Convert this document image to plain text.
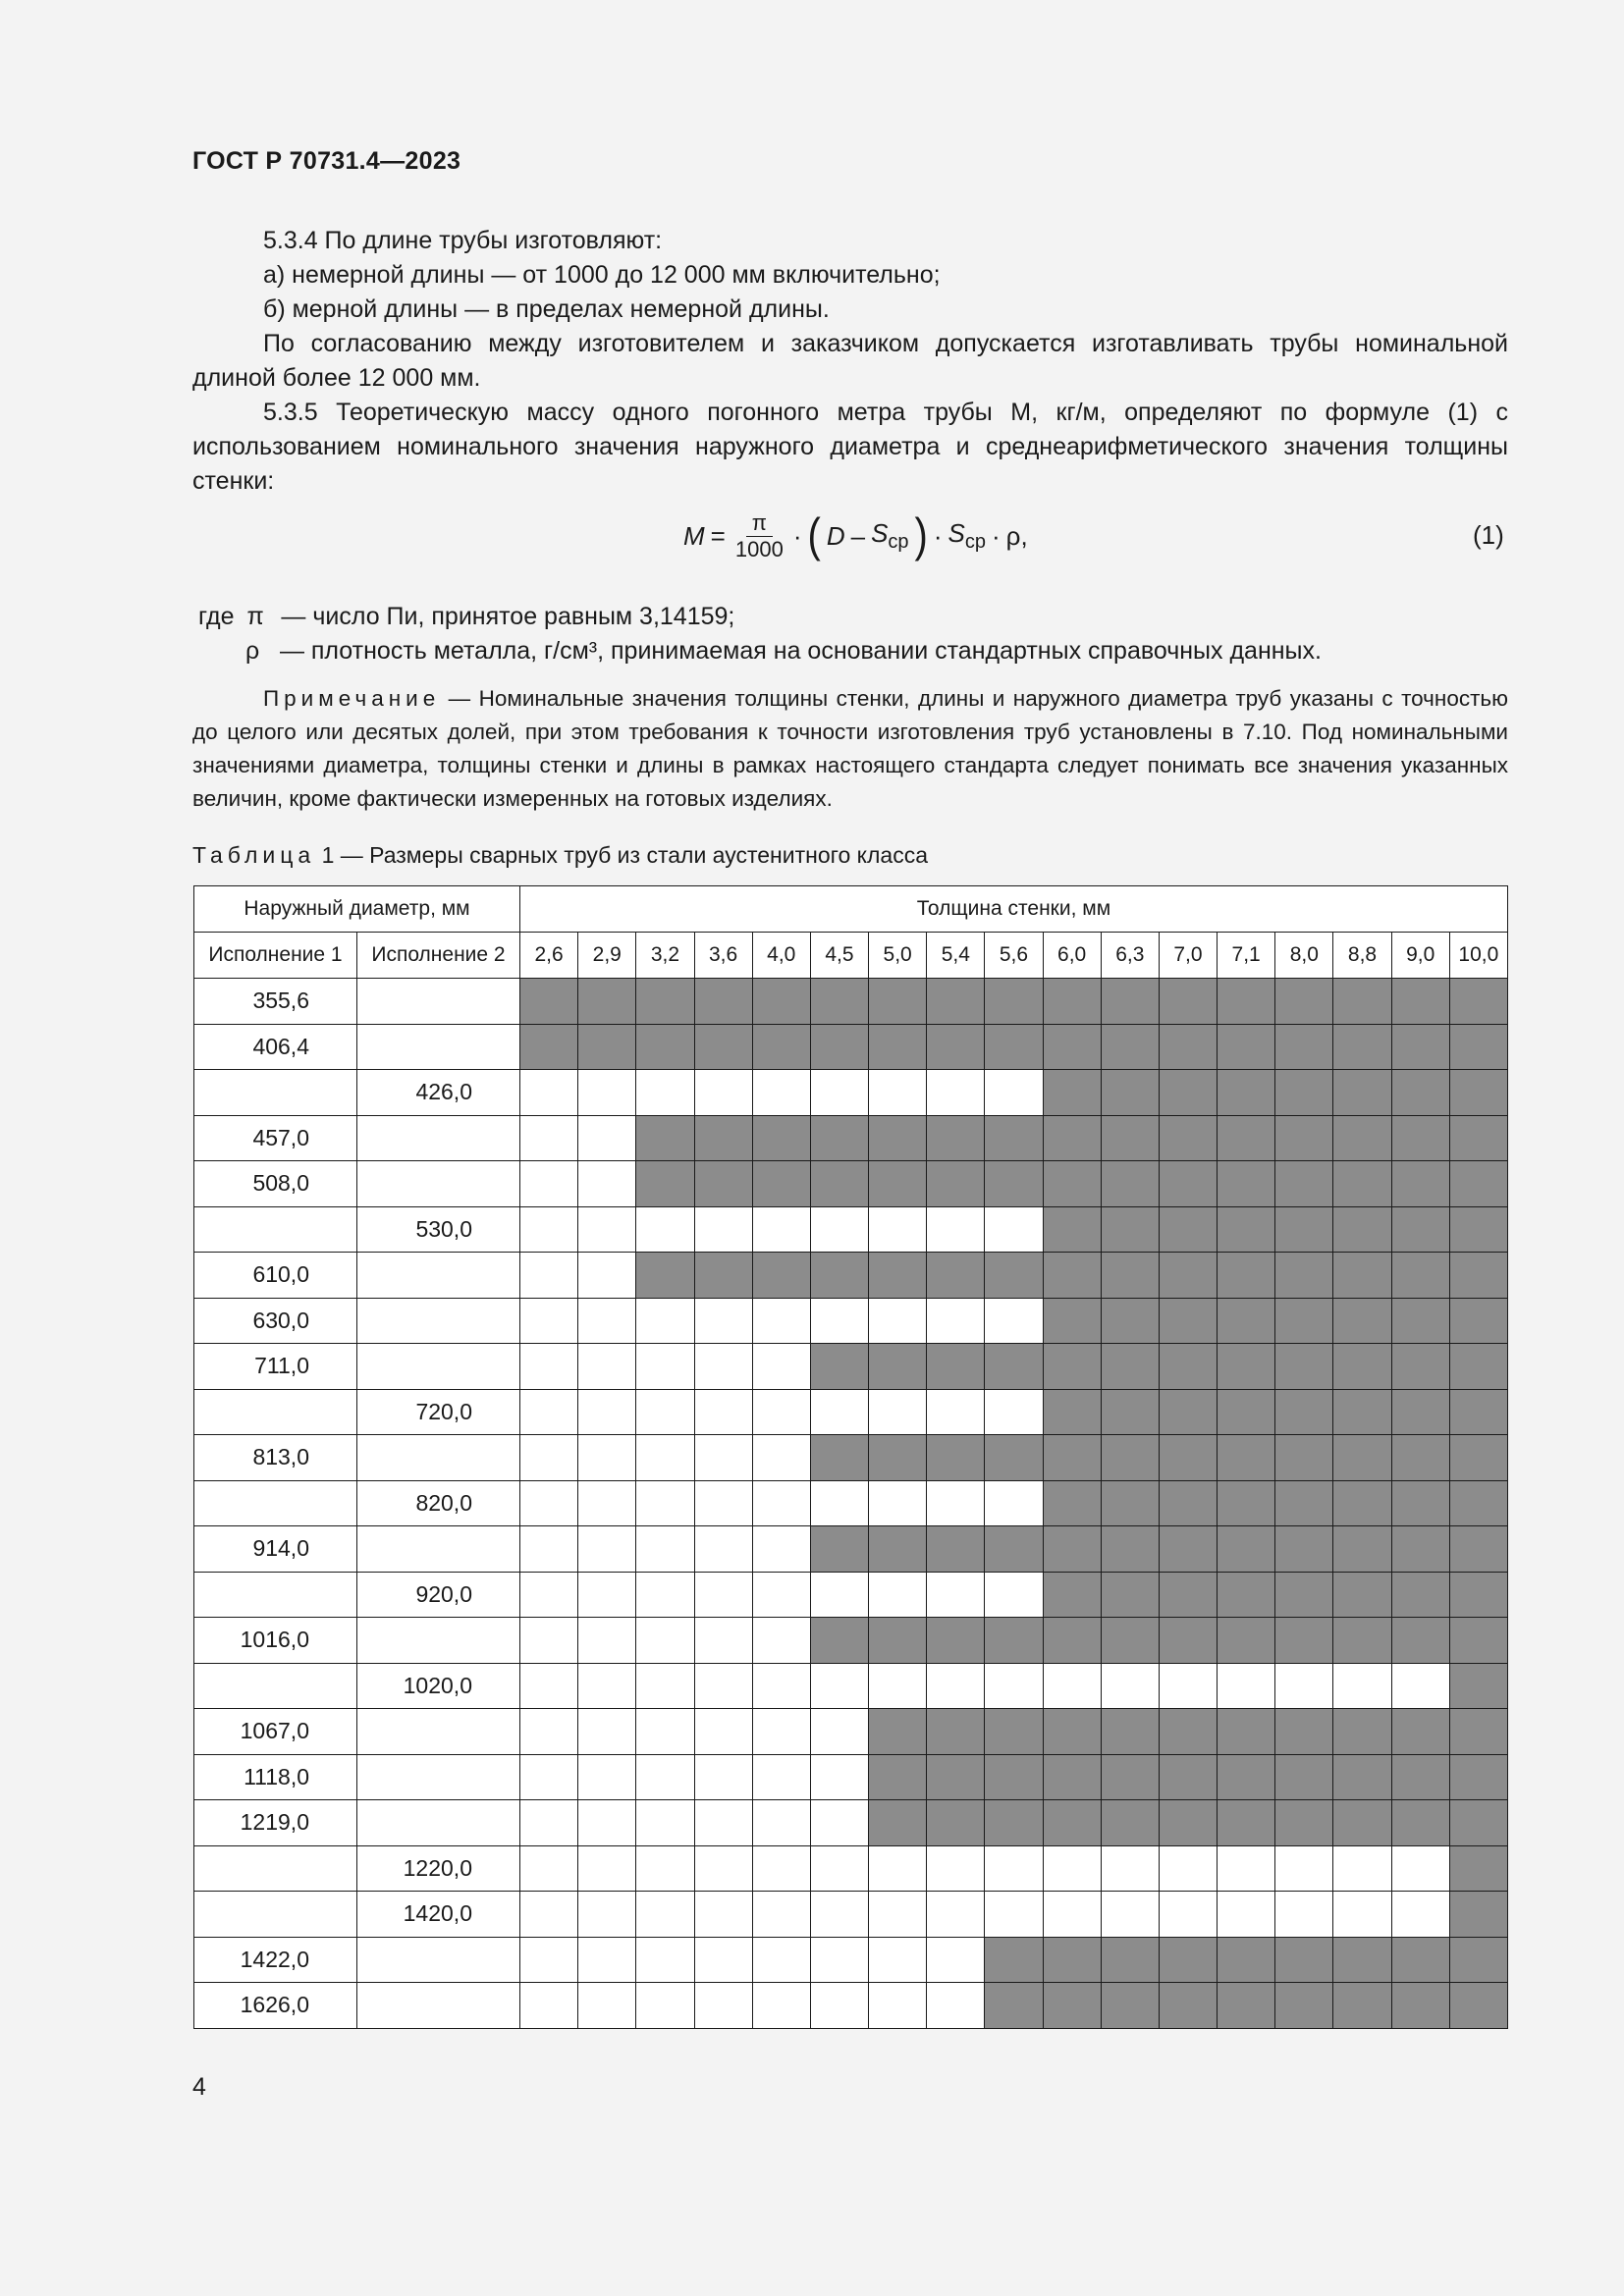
ГОСТ Р 70731.4—2023

5.3.4 По длине трубы изготовляют:

а) немерной длины — от 1000 до 12 000 мм включительно;

б) мерной длины — в пределах немерной длины.

По согласованию между изготовителем и заказчиком допускается изготавливать трубы номинальной длиной более 12 000 мм.

5.3.5 Теоретическую массу одного погонного метра трубы M, кг/м, определяют по формуле (1) с использованием номинального значения наружного диаметра и среднеарифметического значения толщины стенки:

$M = \frac{\pi}{1000}$ · ( D – $S_{ср}$ ) · $S_{ср} \cdot \rho$,	(1)
где π — число Пи, принятое равным 3,14159;
ρ — плотность металла, г/см³, принимаемая на основании стандартных справочных данных.
Примечание — Номинальные значения толщины стенки, длины и наружного диаметра труб указаны с точностью до целого или десятых долей, при этом требования к точности изготовления труб установлены в 7.10. Под номинальными значениями диаметра, толщины стенки и длины в рамках настоящего стандарта следует понимать все значения указанных величин, кроме фактически измеренных на готовых изделиях.
Таблица 1 — Размеры сварных труб из стали аустенитного класса
Наружный диаметр, мм		Толщина стенки, мм																
Исполнение 1	Исполнение 2	2,6	2,9	3,2	3,6	4,0	4,5	5,0	5,4	5,6	6,0	6,3	7,0	7,1	8,0	8,8	9,0	10,0
355,6																		
406,4																		
	426,0																	
457,0																		
508,0																		
	530,0																	
610,0																		
630,0																		
711,0																		
	720,0																	
813,0																		
	820,0																	
914,0																		
	920,0																	
1016,0																		
	1020,0																	
1067,0																		
1118,0																		
1219,0																		
	1220,0																	
	1420,0																	
1422,0																		
1626,0																		
4
